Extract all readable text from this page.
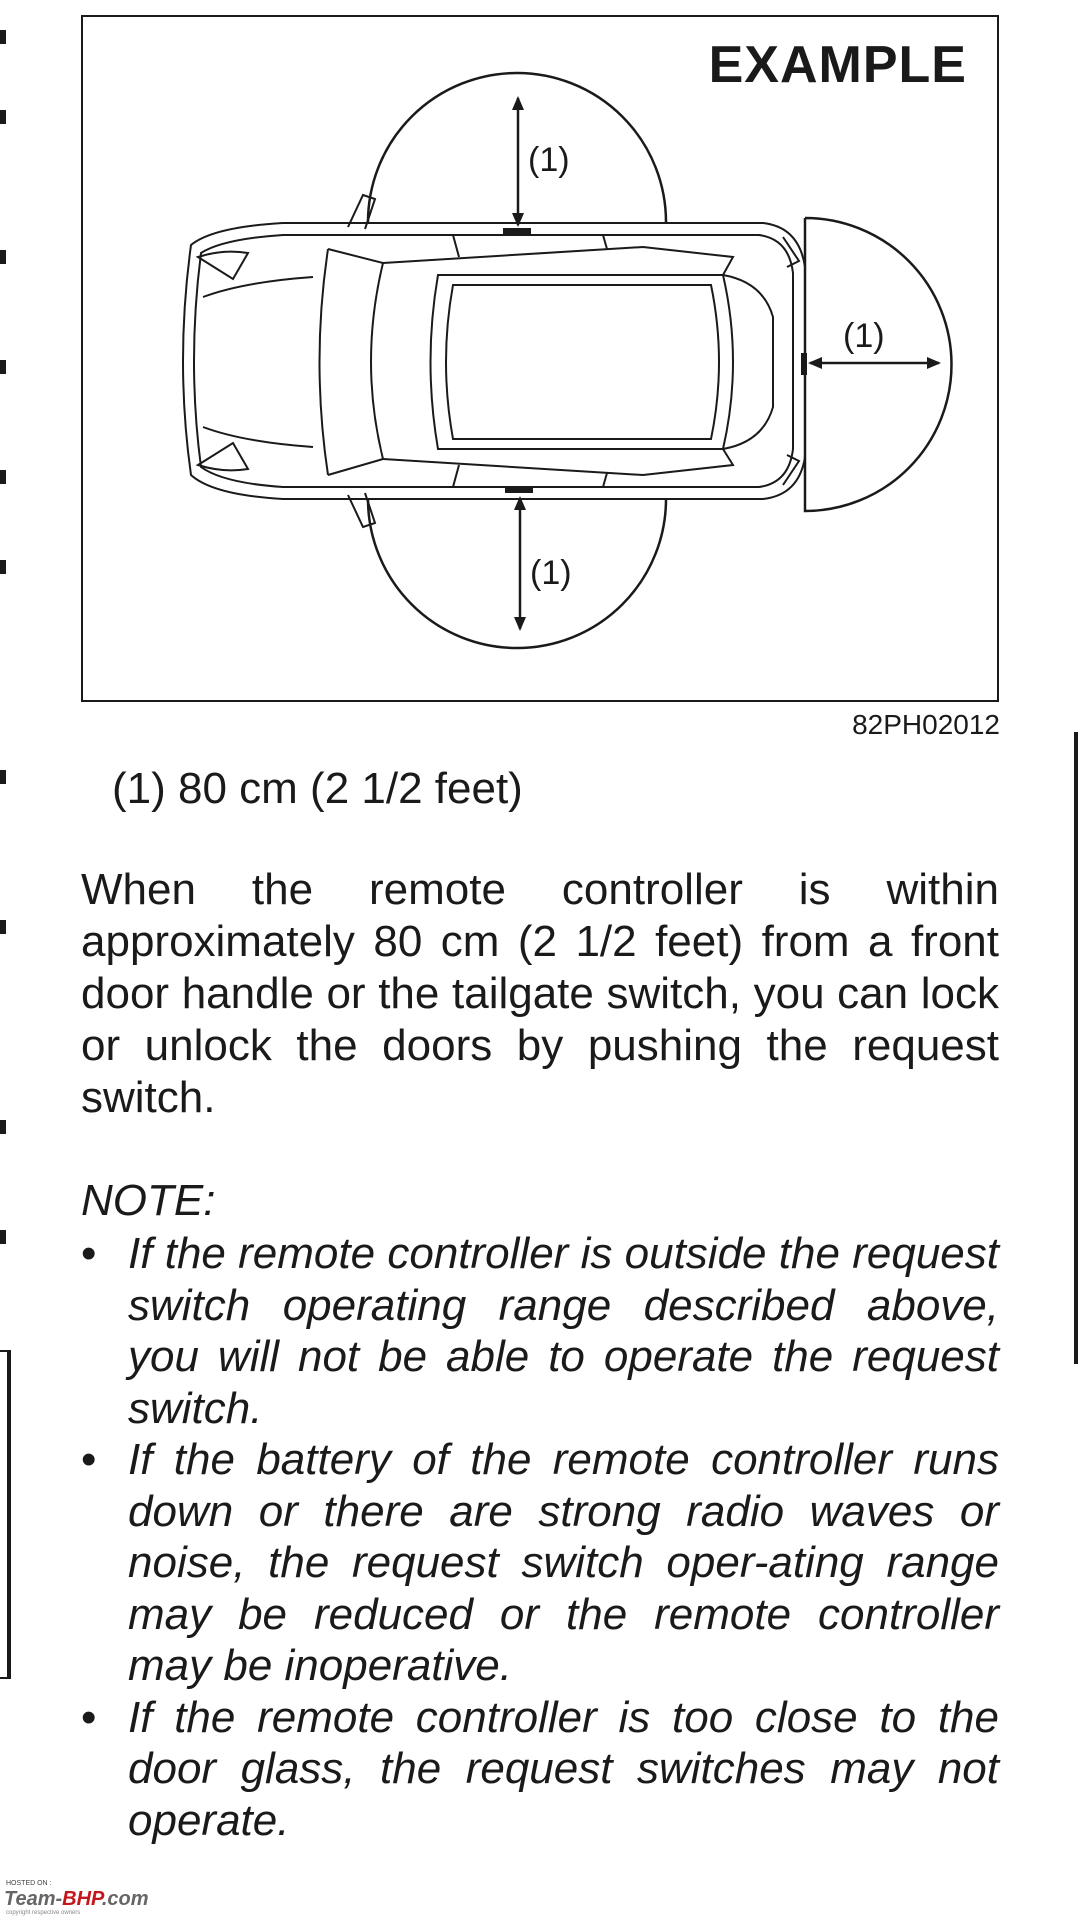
EXAMPLE
(1)
(1)
(1)
82PH02012
(1) 80 cm (2 1/2 feet)
When the remote controller is within approximately 80 cm (2 1/2 feet) from a front door handle or the tailgate switch, you can lock or unlock the doors by pushing the request switch.
NOTE:
• If the remote controller is outside the request switch operating range described above, you will not be able to operate the request switch.
• If the battery of the remote controller runs down or there are strong radio waves or noise, the request switch oper-ating range may be reduced or the remote controller may be inoperative.
• If the remote controller is too close to the door glass, the request switches may not operate.
HOSTED ON :
Team-BHP.com
copyright respective owners
